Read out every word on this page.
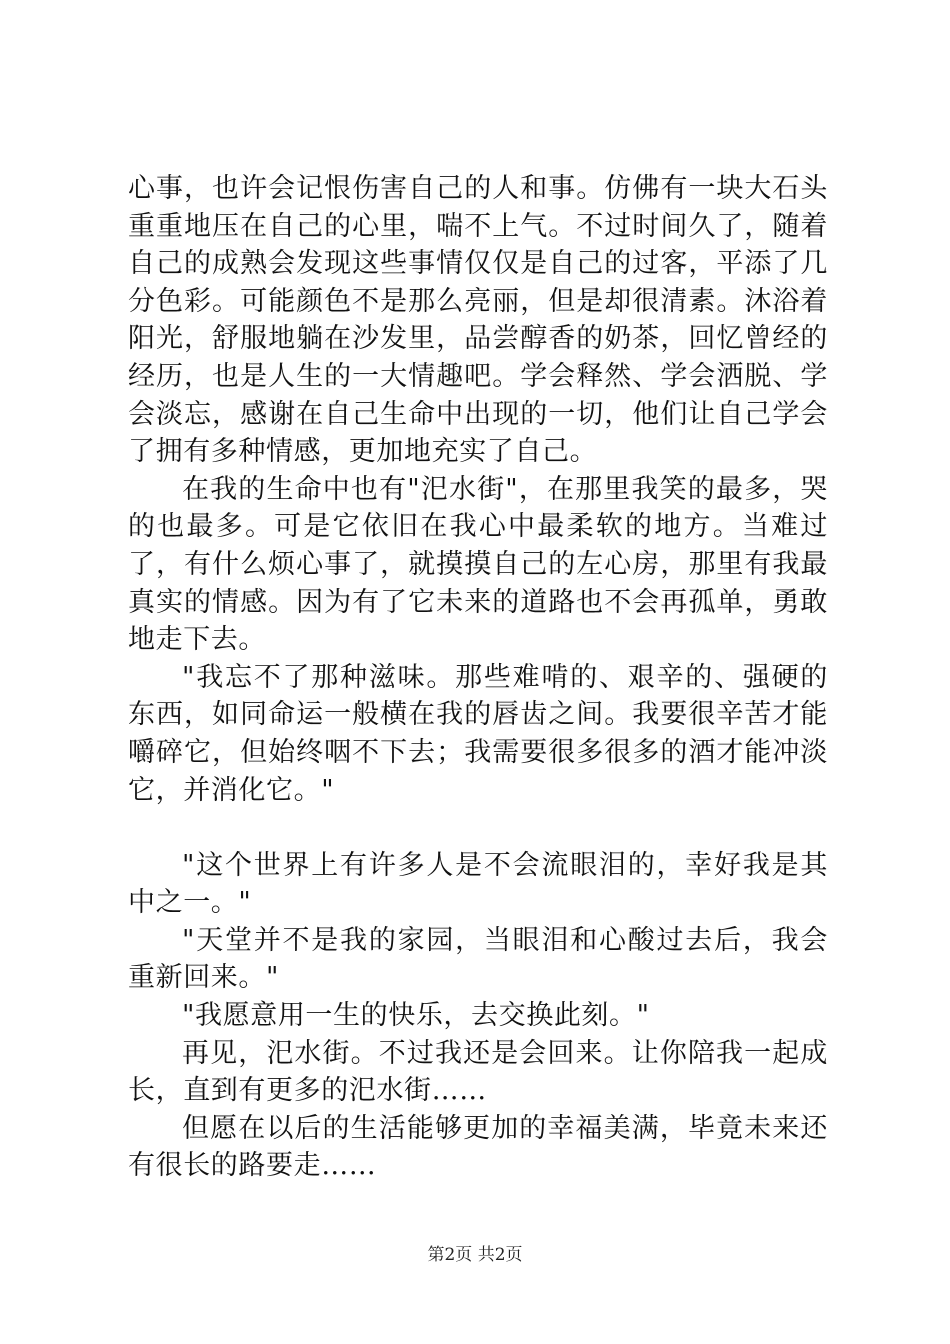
心事，也许会记恨伤害自己的人和事。仿佛有一块大石头重重地压在自己的心里，喘不上气。不过时间久了，随着自己的成熟会发现这些事情仅仅是自己的过客，平添了几分色彩。可能颜色不是那么亮丽，但是却很清素。沐浴着阳光，舒服地躺在沙发里，品尝醇香的奶茶，回忆曾经的经历，也是人生的一大情趣吧。学会释然、学会洒脱、学会淡忘，感谢在自己生命中出现的一切，他们让自己学会了拥有多种情感，更加地充实了自己。

在我的生命中也有"汜水街"，在那里我笑的最多，哭的也最多。可是它依旧在我心中最柔软的地方。当难过了，有什么烦心事了，就摸摸自己的左心房，那里有我最真实的情感。因为有了它未来的道路也不会再孤单，勇敢地走下去。

"我忘不了那种滋味。那些难啃的、艰辛的、强硬的东西，如同命运一般横在我的唇齿之间。我要很辛苦才能嚼碎它，但始终咽不下去；我需要很多很多的酒才能冲淡它，并消化它。"

"这个世界上有许多人是不会流眼泪的，幸好我是其中之一。"

"天堂并不是我的家园，当眼泪和心酸过去后，我会重新回来。"

"我愿意用一生的快乐，去交换此刻。"

再见，汜水街。不过我还是会回来。让你陪我一起成长，直到有更多的汜水街……

但愿在以后的生活能够更加的幸福美满，毕竟未来还有很长的路要走……

第2页 共2页
